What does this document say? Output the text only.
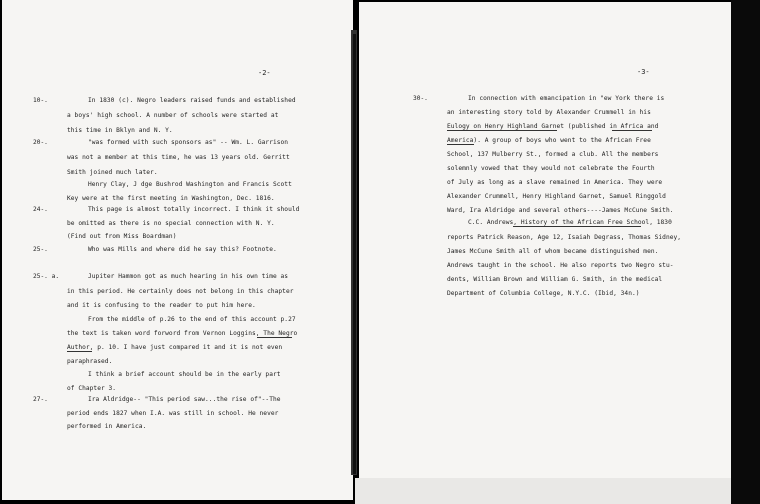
-2-
10-.	In 1830 (c). Negro leaders raised funds and established
a boys' high school. A number of schools were started at
this time in Bklyn and N. Y.
20-.	"was formed with such sponsors as" -- Wm. L. Garrison
was not a member at this time, he was 13 years old. Gerritt
Smith joined much later.
Henry Clay, J dge Bushrod Washington and Francis Scott
Key were at the first meeting in Washington, Dec. 1816.
24-.	This page is almost totally incorrect. I think it should
be omitted as there is no special connection with N. Y.
(Find out from Miss Boardman)
25-.	Who was Mills and where did he say this? Footnote.
25-. a.	Jupiter Hammon got as much hearing in his own time as
in this period. He certainly does not belong in this chapter
and it is confusing to the reader to put him here.
From the middle of p.26 to the end of this account p.27
the text is taken word forword from Vernon Loggins, The Negro
Author, p. 10. I have just compared it and it is not even
paraphrased.
I think a brief account should be in the early part
of Chapter 3.
27-.	Ira Aldridge-- "This period saw...the rise of"--The
period ends 1827 when I.A. was still in school. He never
performed in America.
-3-
30-.	In connection with emancipation in "ew York there is
an interesting story told by Alexander Crummell in his
Eulogy on Henry Highland Garnet (published in Africa and
America). A group of boys who went to the African Free
School, 137 Mulberry St., formed a club. All the members
solemnly vowed that they would not celebrate the Fourth
of July as long as a slave remained in America. They were
Alexander Crummell, Henry Highland Garnet, Samuel Ringgold
Ward, Ira Aldridge and several others----James McCune Smith.
C.C. Andrews, History of the African Free School, 1830
reports Patrick Reason, Age 12, Isaiah Degrass, Thomas Sidney,
James McCune Smith all of whom became distinguished men.
Andrews taught in the school. He also reports two Negro stu-
dents, William Brown and William G. Smith, in the medical
Department of Columbia College, N.Y.C. (Ibid, 34n.)
